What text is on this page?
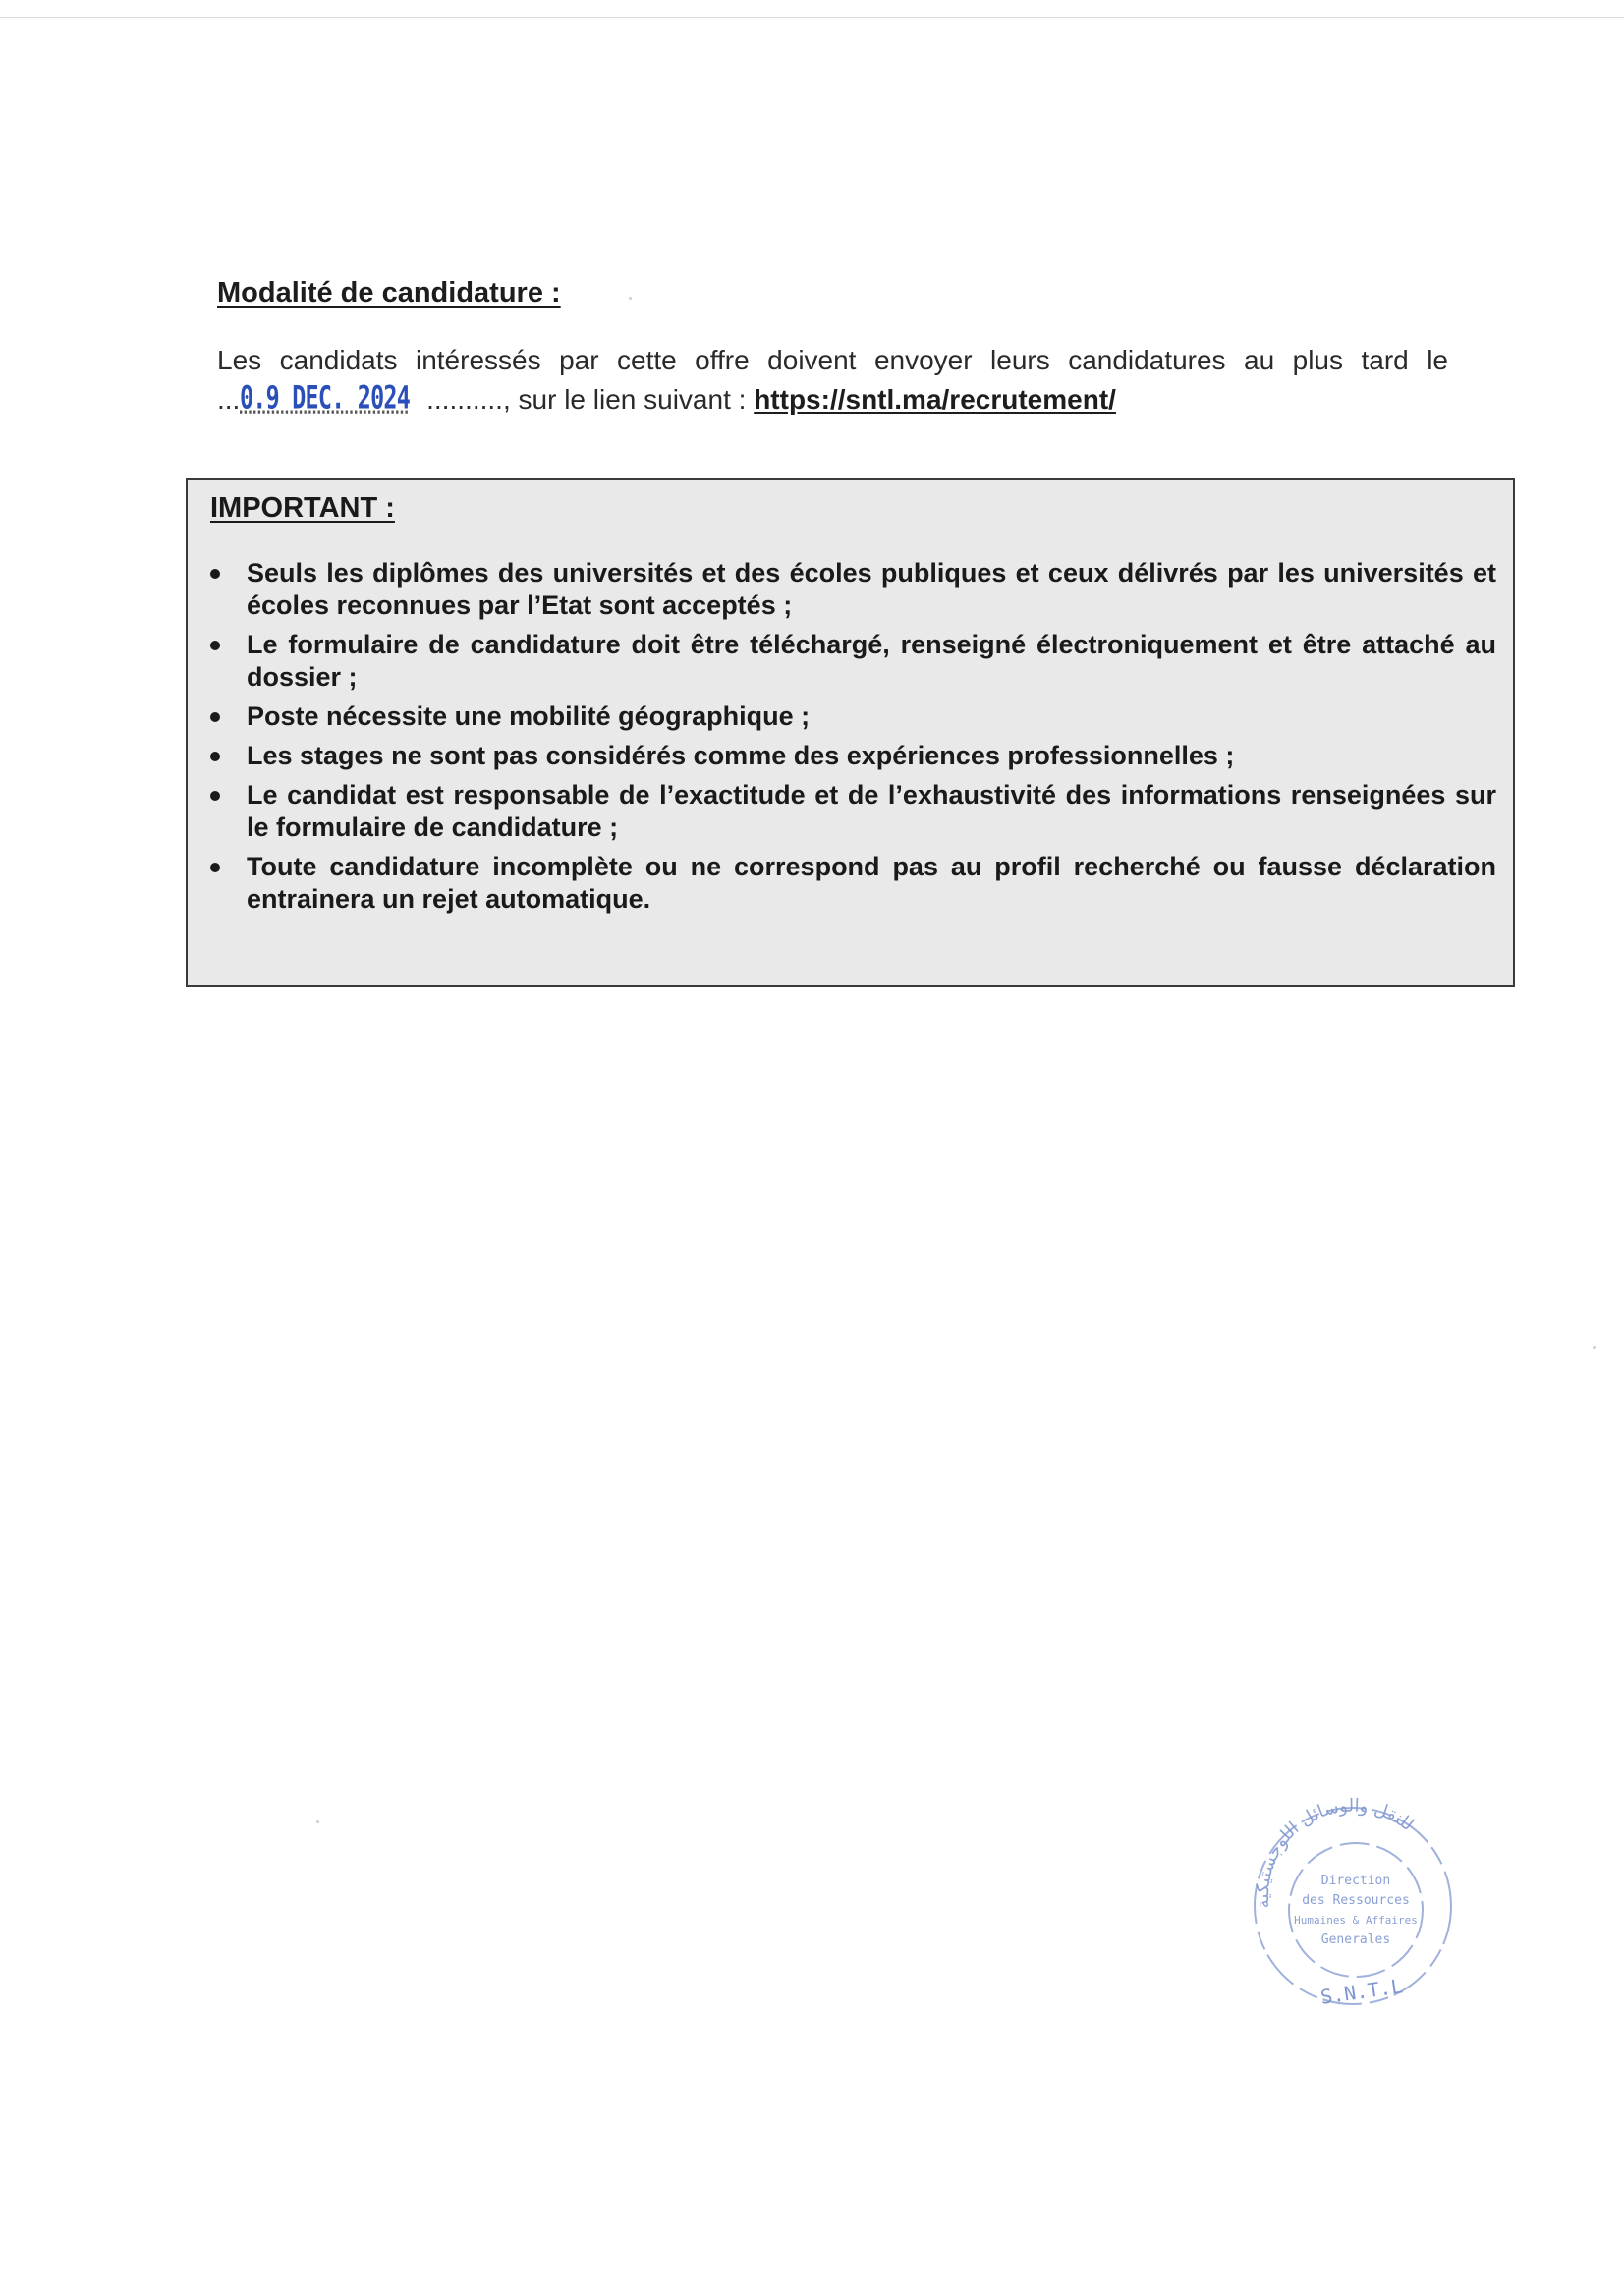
Modalité de candidature :
Les candidats intéressés par cette offre doivent envoyer leurs candidatures au plus tard le
... 0.9 DEC. 2024 .......... , sur le lien suivant : https://sntl.ma/recrutement/
IMPORTANT :
Seuls les diplômes des universités et des écoles publiques et ceux délivrés par les universités et écoles reconnues par l’Etat sont acceptés ;
Le formulaire de candidature doit être téléchargé, renseigné électroniquement et être attaché au dossier ;
Poste nécessite une mobilité géographique ;
Les stages ne sont pas considérés comme des expériences professionnelles ;
Le candidat est responsable de l’exactitude et de l’exhaustivité des informations renseignées sur le formulaire de candidature ;
Toute candidature incomplète ou ne correspond pas au profil recherché ou fausse déclaration entrainera un rejet automatique.
للنقل والوسائل اللوجستيكية
Direction
des Ressources
Humaines & Affaires
Generales
S.N.T.L
